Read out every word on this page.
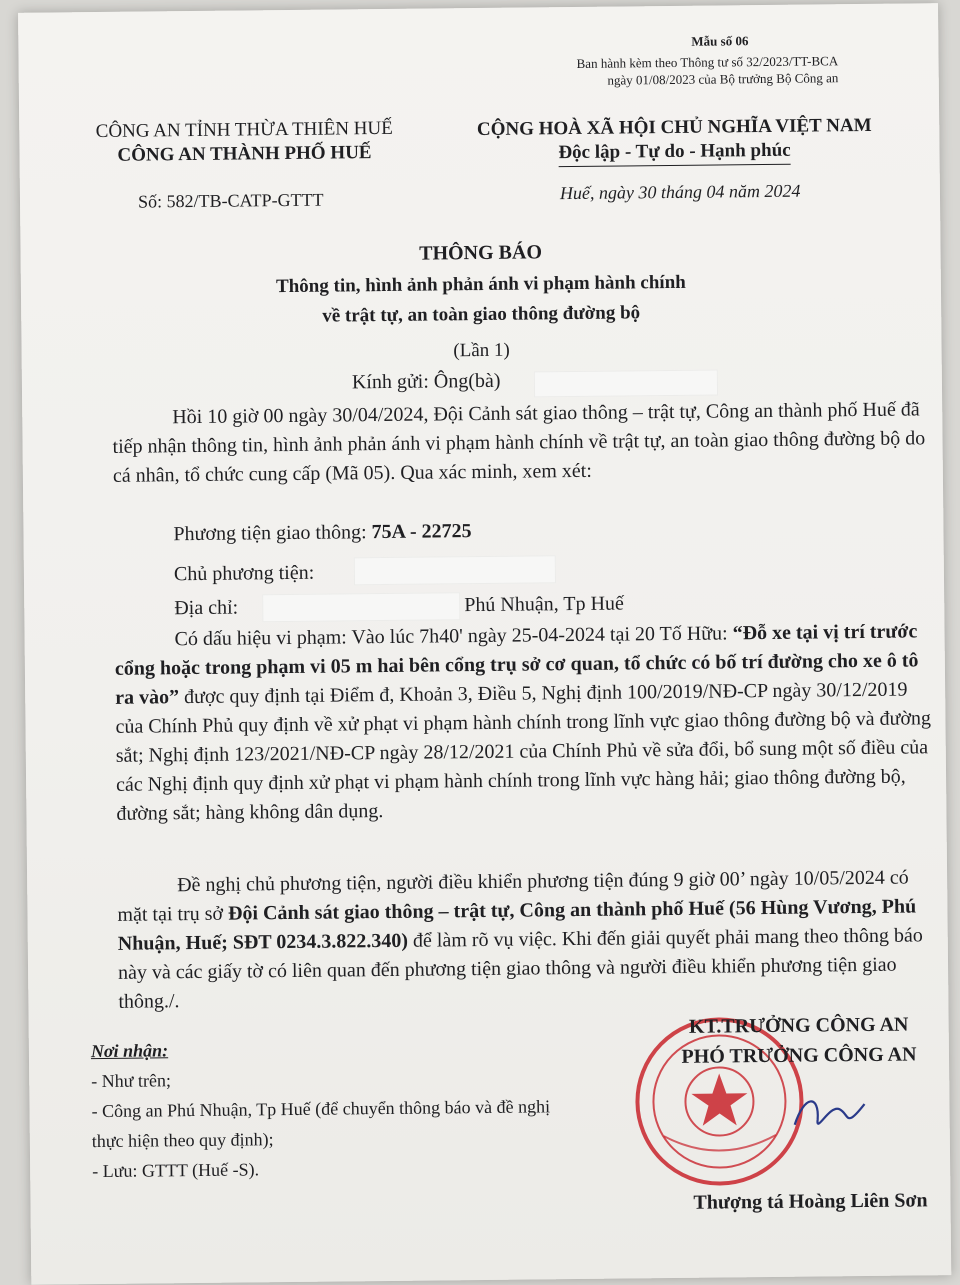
Mẫu số 06
Ban hành kèm theo Thông tư số 32/2023/TT-BCA
ngày 01/08/2023 của Bộ trưởng Bộ Công an
CÔNG AN TỈNH THỪA THIÊN HUẾ
CÔNG AN THÀNH PHỐ HUẾ
CỘNG HOÀ XÃ HỘI CHỦ NGHĨA VIỆT NAM
Độc lập - Tự do - Hạnh phúc
Số: 582/TB-CATP-GTTT	Huế, ngày 30 tháng 04 năm 2024
THÔNG BÁO
Thông tin, hình ảnh phản ánh vi phạm hành chính
về trật tự, an toàn giao thông đường bộ
(Lần 1)
Kính gửi: Ông(bà)
Hồi 10 giờ 00 ngày 30/04/2024, Đội Cảnh sát giao thông – trật tự, Công an thành phố Huế đã tiếp nhận thông tin, hình ảnh phản ánh vi phạm hành chính về trật tự, an toàn giao thông đường bộ do cá nhân, tổ chức cung cấp (Mã 05). Qua xác minh, xem xét:
Phương tiện giao thông: 75A - 22725
Chủ phương tiện:
Địa chỉ:	Phú Nhuận, Tp Huế
Có dấu hiệu vi phạm: Vào lúc 7h40' ngày 25-04-2024 tại 20 Tố Hữu: “Đỗ xe tại vị trí trước cổng hoặc trong phạm vi 05 m hai bên cổng trụ sở cơ quan, tổ chức có bố trí đường cho xe ô tô ra vào” được quy định tại Điểm đ, Khoản 3, Điều 5, Nghị định 100/2019/NĐ-CP ngày 30/12/2019 của Chính Phủ quy định về xử phạt vi phạm hành chính trong lĩnh vực giao thông đường bộ và đường sắt; Nghị định 123/2021/NĐ-CP ngày 28/12/2021 của Chính Phủ về sửa đổi, bổ sung một số điều của các Nghị định quy định xử phạt vi phạm hành chính trong lĩnh vực hàng hải; giao thông đường bộ, đường sắt; hàng không dân dụng.
Đề nghị chủ phương tiện, người điều khiển phương tiện đúng 9 giờ 00’ ngày 10/05/2024 có mặt tại trụ sở Đội Cảnh sát giao thông – trật tự, Công an thành phố Huế (56 Hùng Vương, Phú Nhuận, Huế; SĐT 0234.3.822.340) để làm rõ vụ việc. Khi đến giải quyết phải mang theo thông báo này và các giấy tờ có liên quan đến phương tiện giao thông và người điều khiển phương tiện giao thông./.
Nơi nhận:
- Như trên;
- Công an Phú Nhuận, Tp Huế (để chuyển thông báo và đề nghị thực hiện theo quy định);
- Lưu: GTTT (Huế -S).
KT.TRƯỞNG CÔNG AN
PHÓ TRƯỞNG CÔNG AN
Thượng tá Hoàng Liên Sơn
